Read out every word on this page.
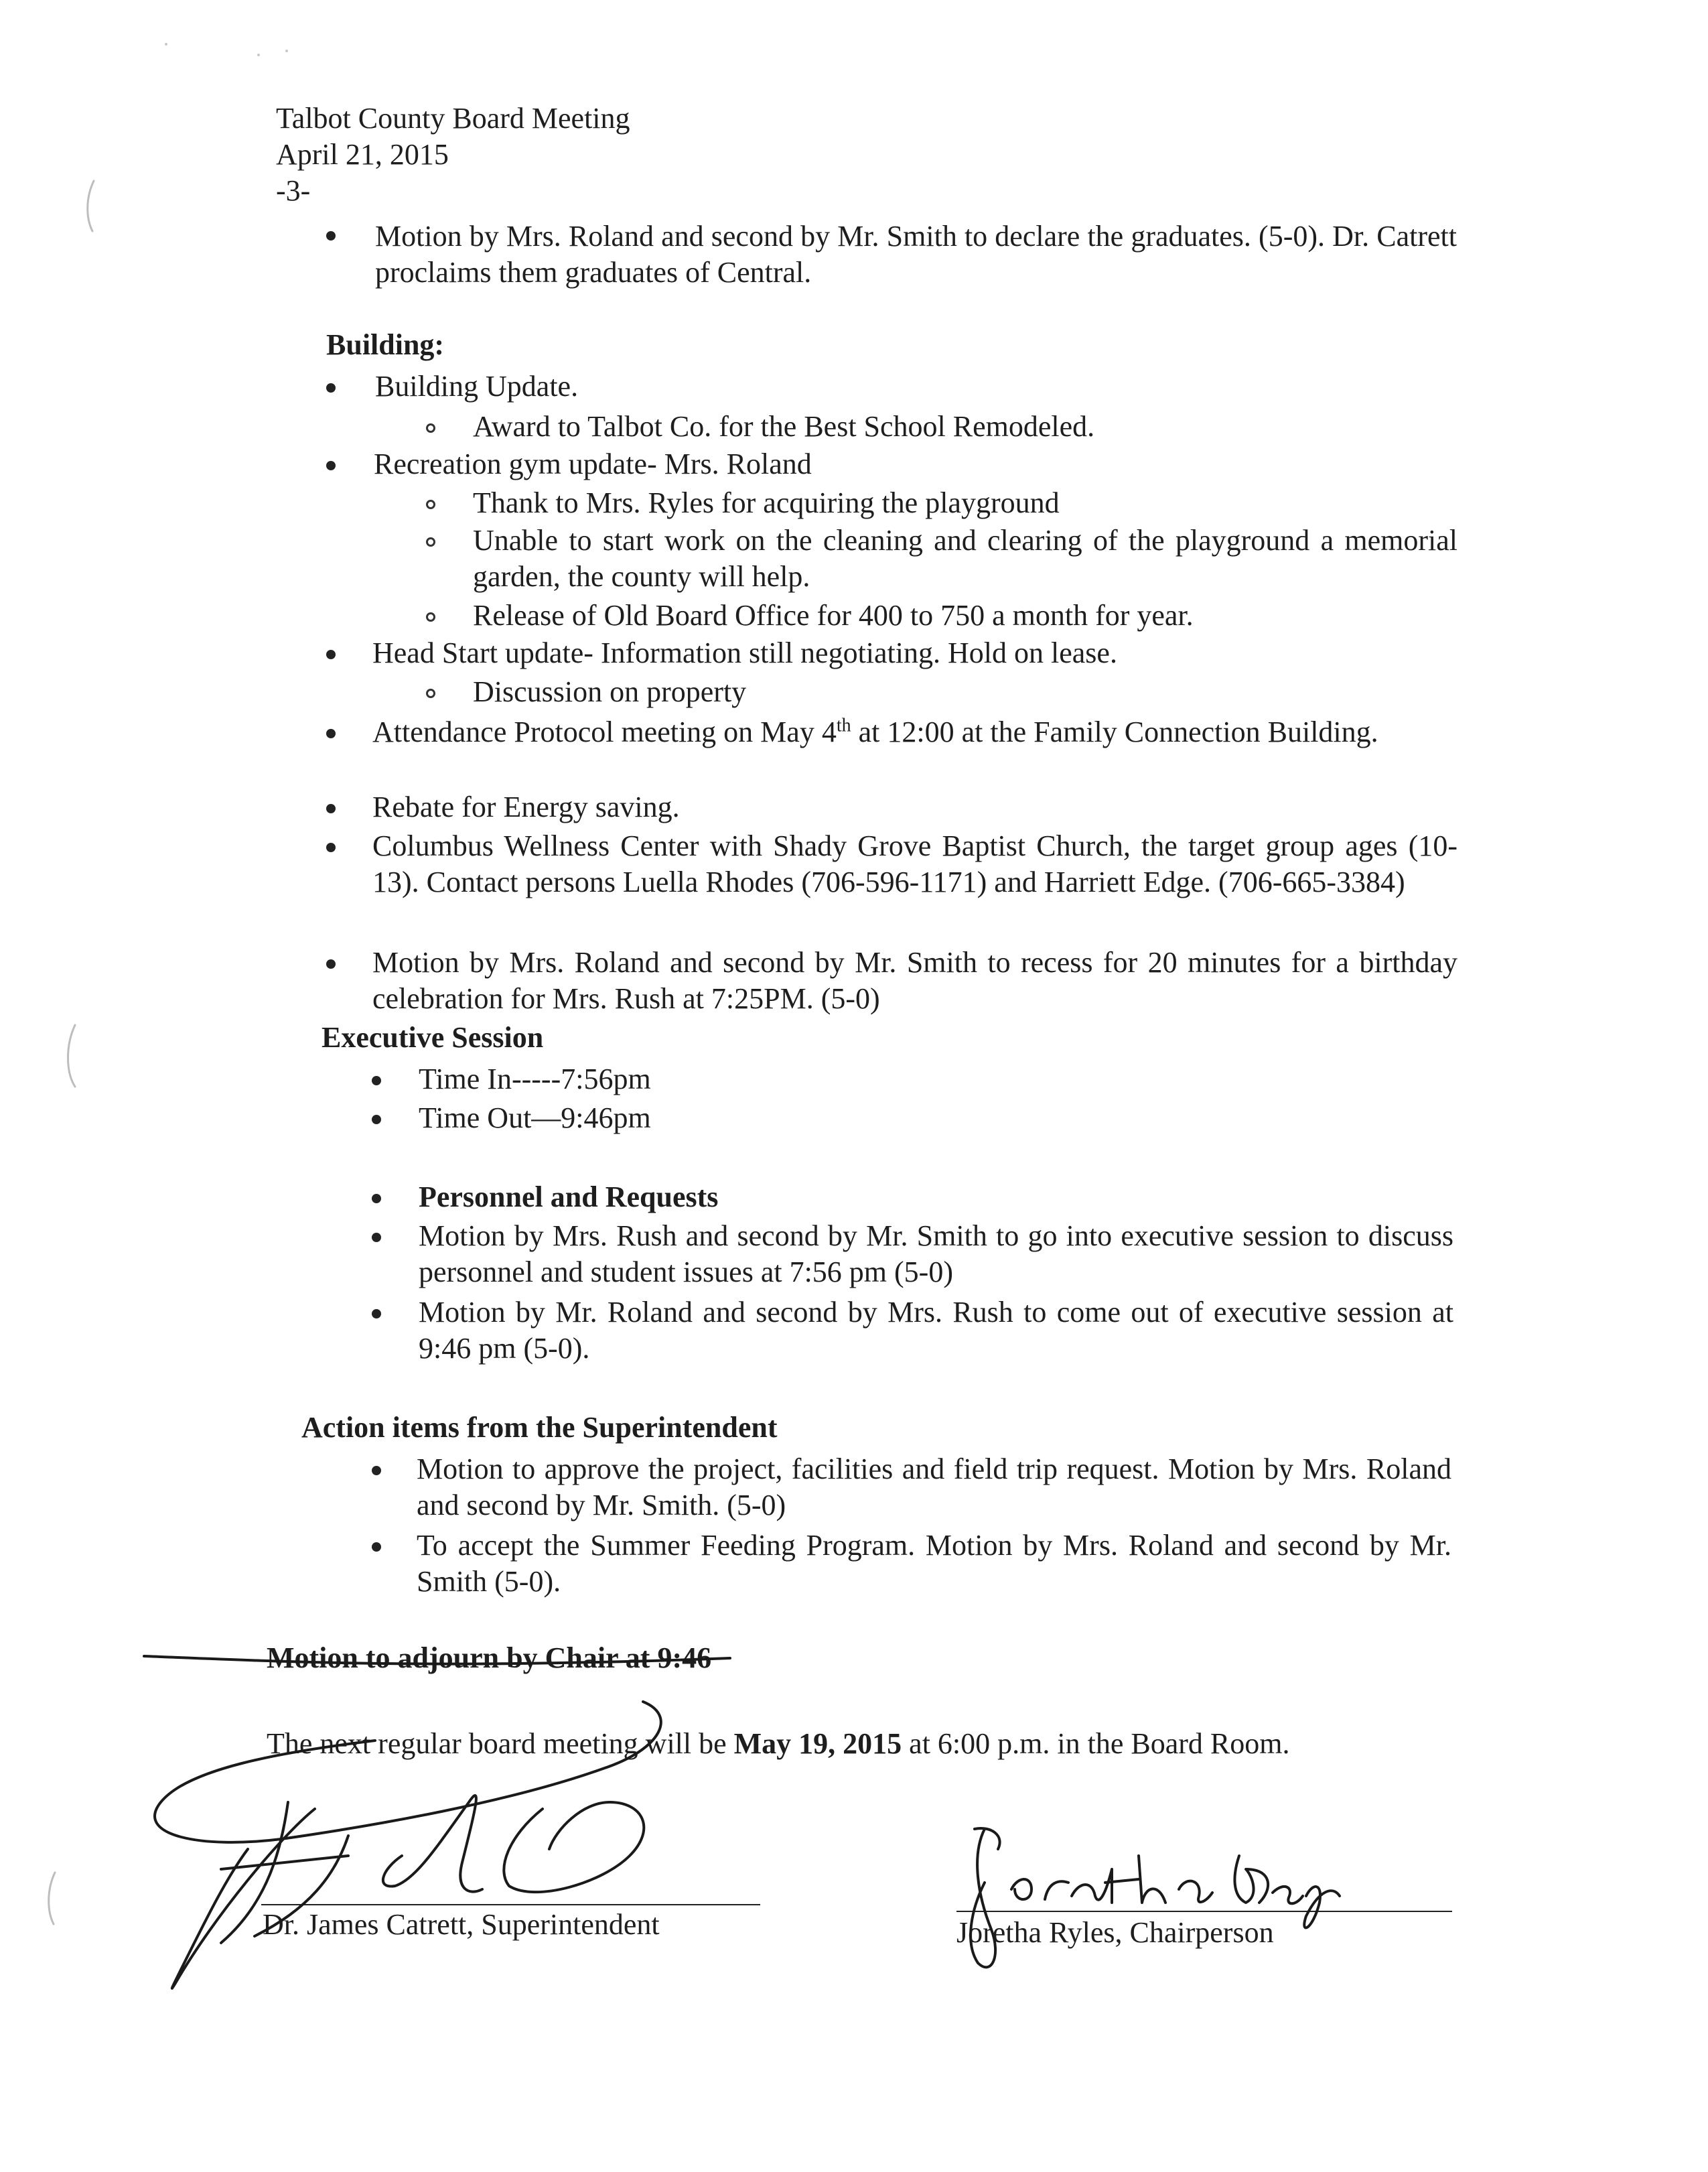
Talbot County Board Meeting
April 21, 2015
-3-
Motion by Mrs. Roland and second by Mr. Smith to declare the graduates. (5-0). Dr. Catrett proclaims them graduates of Central.
Building:
Building Update.
Award to Talbot Co. for the Best School Remodeled.
Recreation gym update- Mrs. Roland
Thank to Mrs. Ryles for acquiring the playground
Unable to start work on the cleaning and clearing of the playground a memorial garden, the county will help.
Release of Old Board Office for 400 to 750 a month for year.
Head Start update- Information still negotiating. Hold on lease.
Discussion on property
Attendance Protocol meeting on May 4th at 12:00 at the Family Connection Building.
Rebate for Energy saving.
Columbus Wellness Center with Shady Grove Baptist Church, the target group ages (10-13). Contact persons Luella Rhodes (706-596-1171) and Harriett Edge. (706-665-3384)
Motion by Mrs. Roland and second by Mr. Smith to recess for 20 minutes for a birthday celebration for Mrs. Rush at 7:25PM. (5-0)
Executive Session
Time In-----7:56pm
Time Out—9:46pm
Personnel and Requests
Motion by Mrs. Rush and second by Mr. Smith to go into executive session to discuss personnel and student issues at 7:56 pm (5-0)
Motion by Mr. Roland and second by Mrs. Rush to come out of executive session at 9:46 pm (5-0).
Action items from the Superintendent
Motion to approve the project, facilities and field trip request. Motion by Mrs. Roland and second by Mr. Smith. (5-0)
To accept the Summer Feeding Program. Motion by Mrs. Roland and second by Mr. Smith (5-0).
Motion to adjourn by Chair at 9:46
The next regular board meeting will be May 19, 2015 at 6:00 p.m. in the Board Room.
Dr. James Catrett, Superintendent	Joretha Ryles, Chairperson
